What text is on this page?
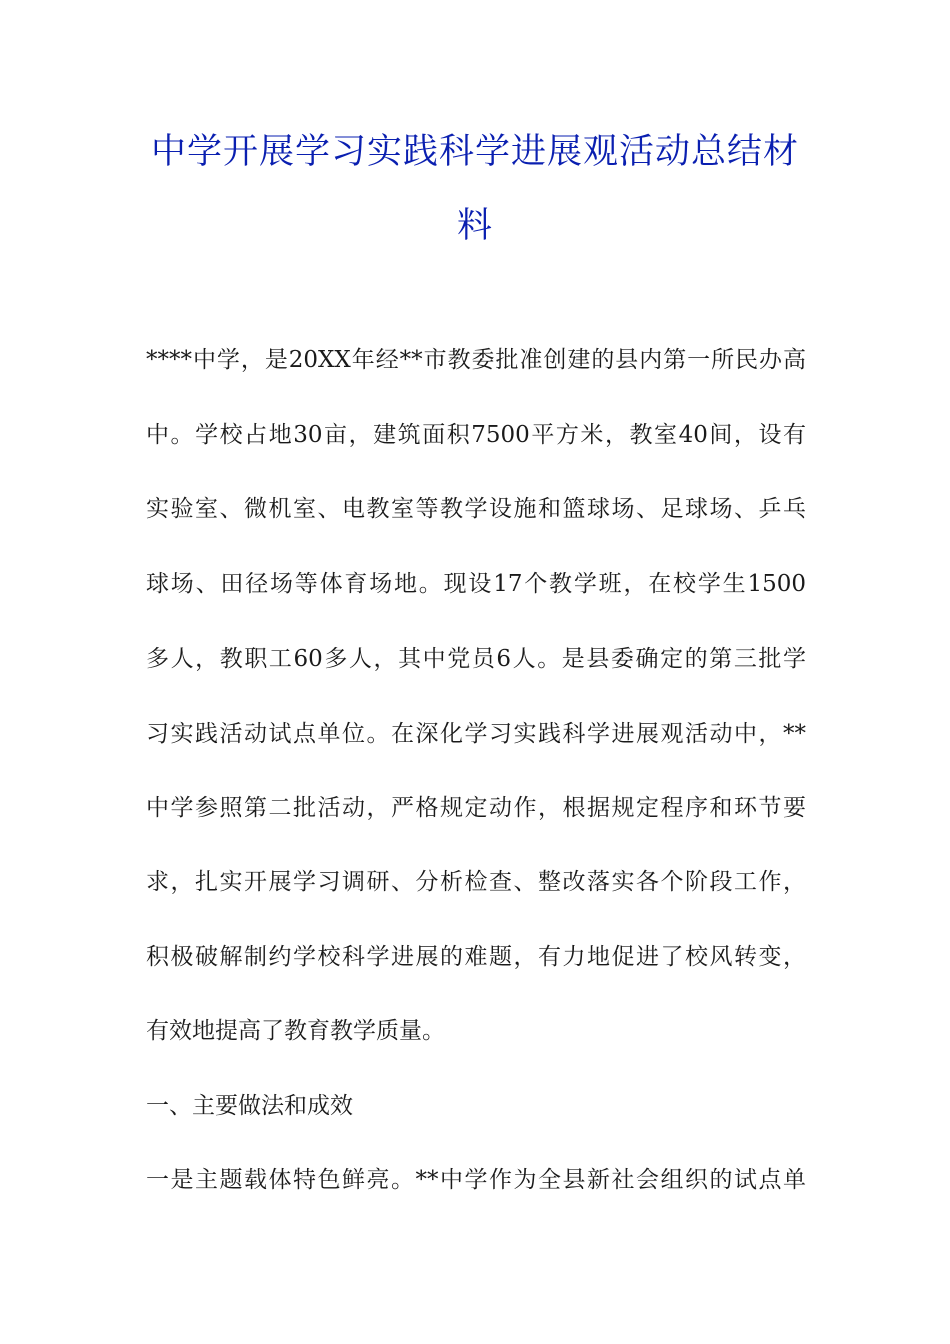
中学开展学习实践科学进展观活动总结材
料
****中学，是20XX年经**市教委批准创建的县内第一所民办高
中。学校占地30亩，建筑面积7500平方米，教室40间，设有
实验室、微机室、电教室等教学设施和篮球场、足球场、乒乓
球场、田径场等体育场地。现设17个教学班，在校学生1500
多人，教职工60多人，其中党员6人。是县委确定的第三批学
习实践活动试点单位。在深化学习实践科学进展观活动中，**
中学参照第二批活动，严格规定动作，根据规定程序和环节要
求，扎实开展学习调研、分析检查、整改落实各个阶段工作，
积极破解制约学校科学进展的难题，有力地促进了校风转变，
有效地提高了教育教学质量。
一、主要做法和成效
一是主题载体特色鲜亮。**中学作为全县新社会组织的试点单
